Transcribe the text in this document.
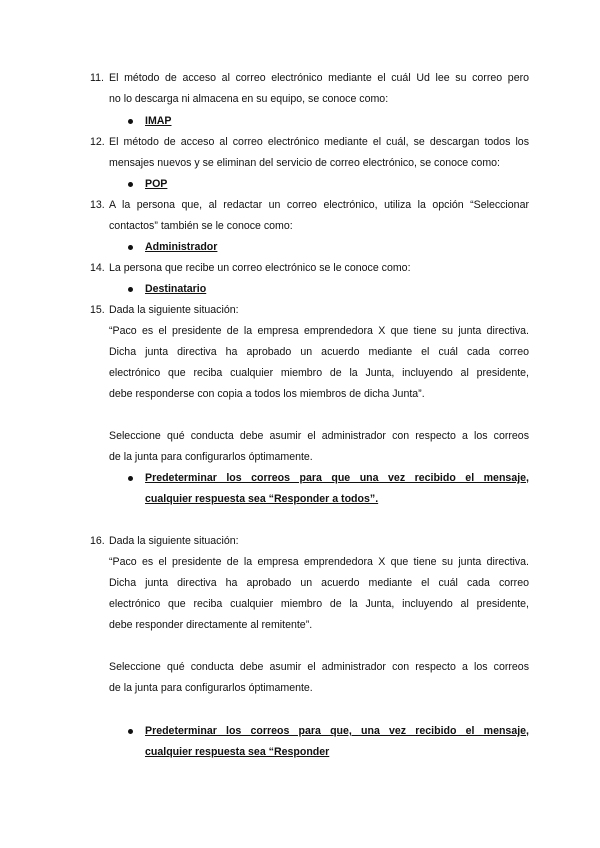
11. El método de acceso al correo electrónico mediante el cuál Ud lee su correo pero
no lo descarga ni almacena en su equipo, se conoce como:
IMAP
12. El método de acceso al correo electrónico mediante el cuál, se descargan todos los
mensajes nuevos y se eliminan del servicio de correo electrónico, se conoce como:
POP
13. A la persona que, al redactar un correo electrónico, utiliza la opción “Seleccionar
contactos” también se le conoce como:
Administrador
14. La persona que recibe un correo electrónico se le conoce como:
Destinatario
15. Dada la siguiente situación:
“Paco es el presidente de la empresa emprendedora X que tiene su junta directiva.
Dicha junta directiva ha aprobado un acuerdo mediante el cuál cada correo
electrónico que reciba cualquier miembro de la Junta, incluyendo al presidente,
debe responderse con copia a todos los miembros de dicha Junta”.
Seleccione qué conducta debe asumir el administrador con respecto a los correos
de la junta para configurarlos óptimamente.
Predeterminar los correos para que una vez recibido el mensaje,
cualquier respuesta sea “Responder a todos”.
16. Dada la siguiente situación:
“Paco es el presidente de la empresa emprendedora X que tiene su junta directiva.
Dicha junta directiva ha aprobado un acuerdo mediante el cuál cada correo
electrónico que reciba cualquier miembro de la Junta, incluyendo al presidente,
debe responder directamente al remitente”.
Seleccione qué conducta debe asumir el administrador con respecto a los correos
de la junta para configurarlos óptimamente.
Predeterminar los correos para que, una vez recibido el mensaje,
cualquier respuesta sea “Responder
